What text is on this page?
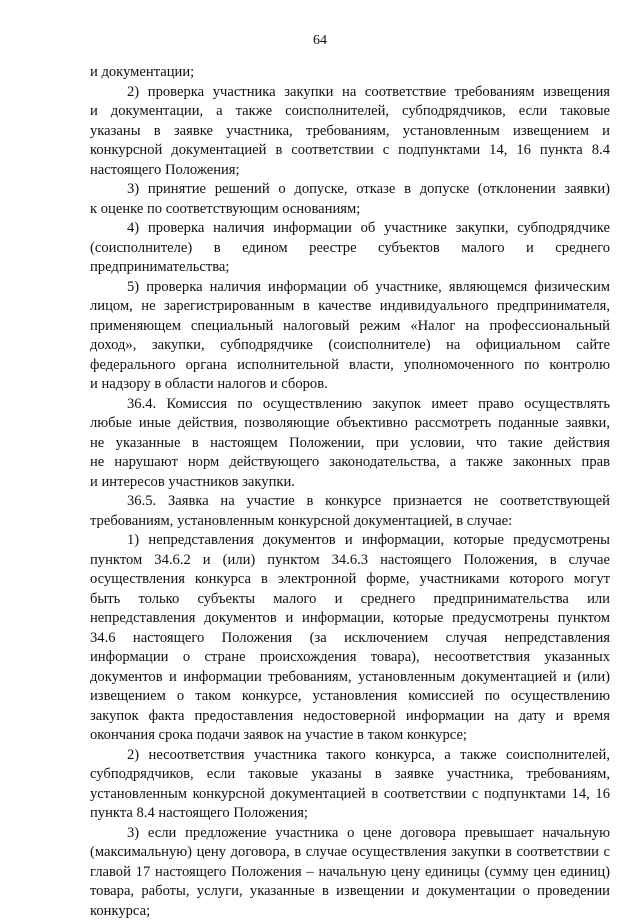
64
и документации;
2) проверка участника закупки на соответствие требованиям извещения
и документации, а также соисполнителей, субподрядчиков, если таковые
указаны в заявке участника, требованиям, установленным извещением и
конкурсной документацией в соответствии с подпунктами 14, 16 пункта 8.4
настоящего Положения;
3) принятие решений о допуске, отказе в допуске (отклонении заявки)
к оценке по соответствующим основаниям;
4) проверка наличия информации об участнике закупки, субподрядчике
(соисполнителе) в едином реестре субъектов малого и среднего
предпринимательства;
5) проверка наличия информации об участнике, являющемся физическим
лицом, не зарегистрированным в качестве индивидуального предпринимателя,
применяющем специальный налоговый режим «Налог на профессиональный
доход», закупки, субподрядчике (соисполнителе) на официальном сайте
федерального органа исполнительной власти, уполномоченного по контролю
и надзору в области налогов и сборов.
36.4. Комиссия по осуществлению закупок имеет право осуществлять
любые иные действия, позволяющие объективно рассмотреть поданные заявки,
не указанные в настоящем Положении, при условии, что такие действия
не нарушают норм действующего законодательства, а также законных прав
и интересов участников закупки.
36.5. Заявка на участие в конкурсе признается не соответствующей
требованиям, установленным конкурсной документацией, в случае:
1) непредставления документов и информации, которые предусмотрены
пунктом 34.6.2 и (или) пунктом 34.6.3 настоящего Положения, в случае
осуществления конкурса в электронной форме, участниками которого могут
быть только субъекты малого и среднего предпринимательства или
непредставления документов и информации, которые предусмотрены пунктом
34.6 настоящего Положения (за исключением случая непредставления
информации о стране происхождения товара), несоответствия указанных
документов и информации требованиям, установленным документацией и (или)
извещением о таком конкурсе, установления комиссией по осуществлению
закупок факта предоставления недостоверной информации на дату и время
окончания срока подачи заявок на участие в таком конкурсе;
2) несоответствия участника такого конкурса, а также соисполнителей,
субподрядчиков, если таковые указаны в заявке участника, требованиям,
установленным конкурсной документацией в соответствии с подпунктами 14, 16
пункта 8.4 настоящего Положения;
3) если предложение участника о цене договора превышает начальную
(максимальную) цену договора, в случае осуществления закупки в соответствии с
главой 17 настоящего Положения – начальную цену единицы (сумму цен единиц)
товара, работы, услуги, указанные в извещении и документации о проведении
конкурса;
